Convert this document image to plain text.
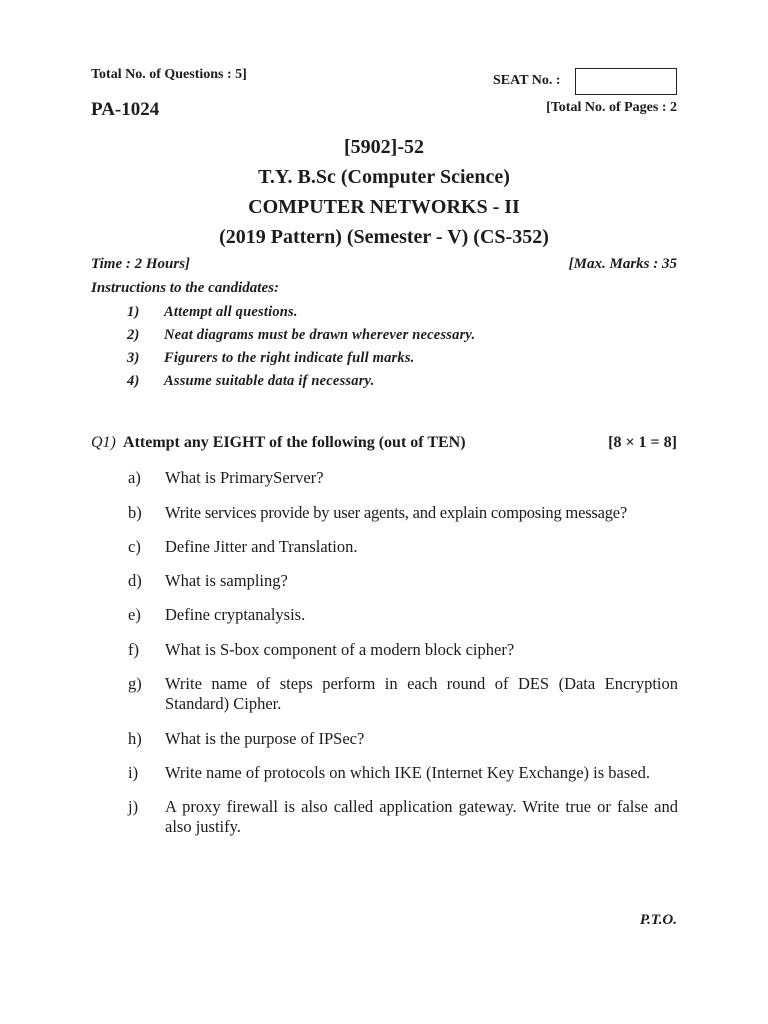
Total No. of Questions : 5]	SEAT No. :
PA-1024	[Total No. of Pages : 2
[5902]-52
T.Y. B.Sc (Computer Science)
COMPUTER NETWORKS - II
(2019 Pattern) (Semester - V) (CS-352)
Time : 2 Hours]	[Max. Marks : 35
Instructions to the candidates:
1) Attempt all questions.
2) Neat diagrams must be drawn wherever necessary.
3) Figurers to the right indicate full marks.
4) Assume suitable data if necessary.
Q1) Attempt any EIGHT of the following (out of TEN)	[8 × 1 = 8]
a)	What is PrimaryServer?
b)	Write services provide by user agents, and explain composing message?
c)	Define Jitter and Translation.
d)	What is sampling?
e)	Define cryptanalysis.
f)	What is S-box component of a modern block cipher?
g)	Write name of steps perform in each round of DES (Data Encryption Standard) Cipher.
h)	What is the purpose of IPSec?
i)	Write name of protocols on which IKE (Internet Key Exchange) is based.
j)	A proxy firewall is also called application gateway. Write true or false and also justify.
P.T.O.
